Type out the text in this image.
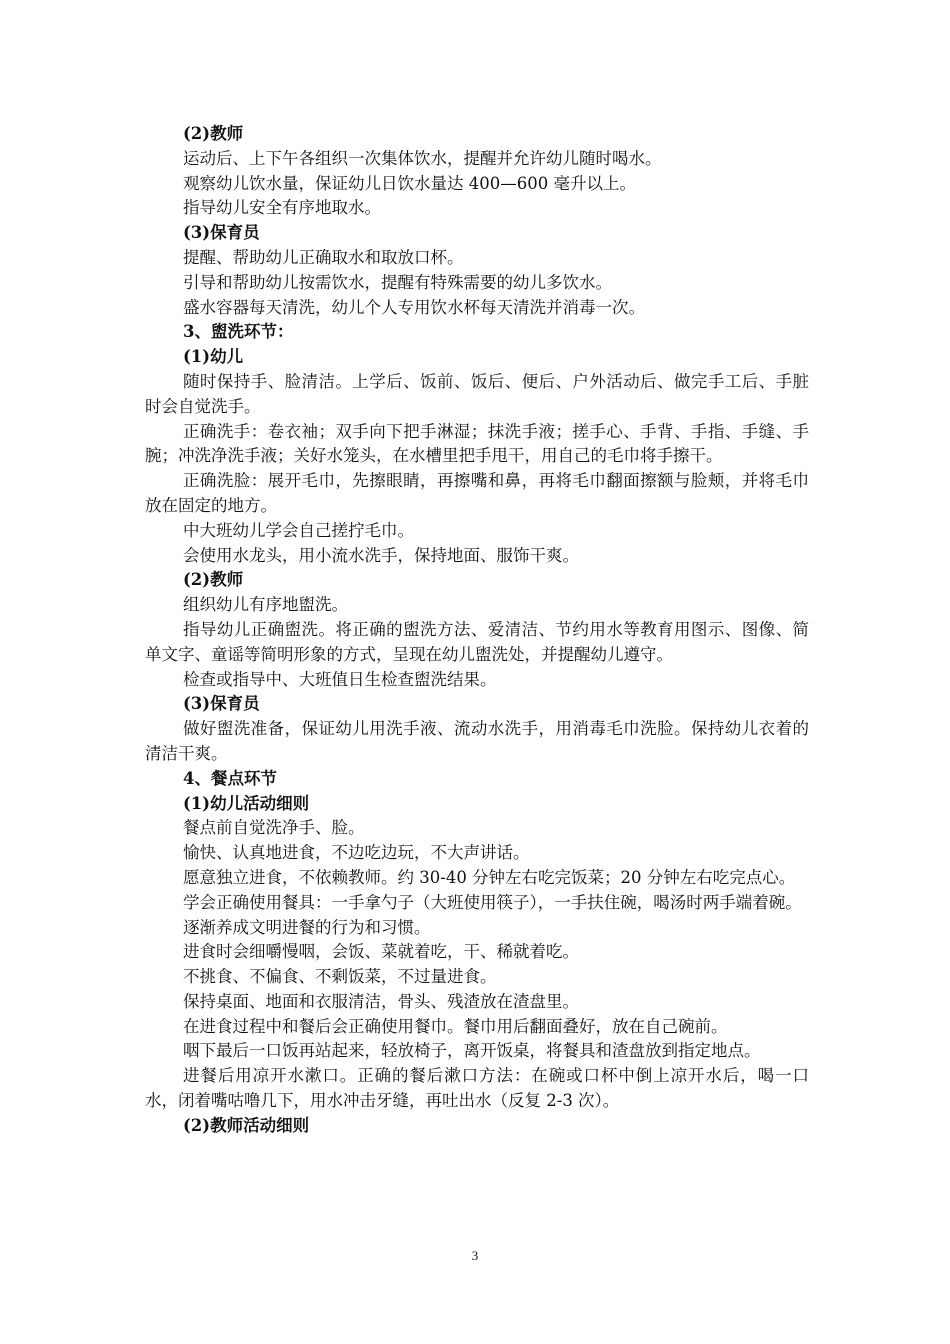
(2)教师
运动后、上下午各组织一次集体饮水，提醒并允许幼儿随时喝水。
观察幼儿饮水量，保证幼儿日饮水量达 400—600 毫升以上。
指导幼儿安全有序地取水。
(3)保育员
提醒、帮助幼儿正确取水和取放口杯。
引导和帮助幼儿按需饮水，提醒有特殊需要的幼儿多饮水。
盛水容器每天清洗，幼儿个人专用饮水杯每天清洗并消毒一次。
3、盥洗环节：
(1)幼儿
随时保持手、脸清洁。上学后、饭前、饭后、便后、户外活动后、做完手工后、手脏时会自觉洗手。
正确洗手：卷衣袖；双手向下把手淋湿；抹洗手液；搓手心、手背、手指、手缝、手腕；冲洗净洗手液；关好水笼头，在水槽里把手甩干，用自己的毛巾将手擦干。
正确洗脸：展开毛巾，先擦眼睛，再擦嘴和鼻，再将毛巾翻面擦额与脸颊，并将毛巾放在固定的地方。
中大班幼儿学会自己搓拧毛巾。
会使用水龙头，用小流水洗手，保持地面、服饰干爽。
(2)教师
组织幼儿有序地盥洗。
指导幼儿正确盥洗。将正确的盥洗方法、爱清洁、节约用水等教育用图示、图像、简单文字、童谣等简明形象的方式，呈现在幼儿盥洗处，并提醒幼儿遵守。
检查或指导中、大班值日生检查盥洗结果。
(3)保育员
做好盥洗准备，保证幼儿用洗手液、流动水洗手，用消毒毛巾洗脸。保持幼儿衣着的清洁干爽。
4、餐点环节
(1)幼儿活动细则
餐点前自觉洗净手、脸。
愉快、认真地进食，不边吃边玩，不大声讲话。
愿意独立进食，不依赖教师。约 30-40 分钟左右吃完饭菜；20 分钟左右吃完点心。
学会正确使用餐具：一手拿勺子（大班使用筷子），一手扶住碗，喝汤时两手端着碗。
逐渐养成文明进餐的行为和习惯。
进食时会细嚼慢咽，会饭、菜就着吃，干、稀就着吃。
不挑食、不偏食、不剩饭菜，不过量进食。
保持桌面、地面和衣服清洁，骨头、残渣放在渣盘里。
在进食过程中和餐后会正确使用餐巾。餐巾用后翻面叠好，放在自己碗前。
咽下最后一口饭再站起来，轻放椅子，离开饭桌，将餐具和渣盘放到指定地点。
进餐后用凉开水漱口。正确的餐后漱口方法：在碗或口杯中倒上凉开水后，喝一口水，闭着嘴咕噜几下，用水冲击牙缝，再吐出水（反复 2-3 次）。
(2)教师活动细则
3
